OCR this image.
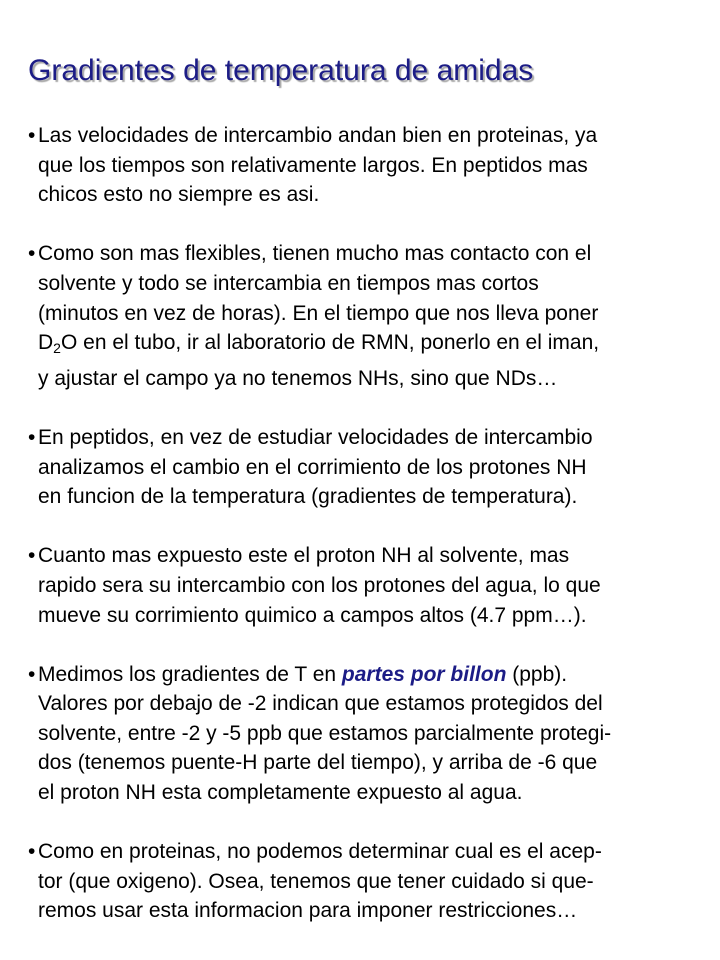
Gradientes de temperatura de amidas

• Las velocidades de intercambio andan bien en proteinas, ya
que los tiempos son relativamente largos. En peptidos mas
chicos esto no siempre es asi.

• Como son mas flexibles, tienen mucho mas contacto con el
solvente y todo se intercambia en tiempos mas cortos
(minutos en vez de horas). En el tiempo que nos lleva poner
$D_2O$ en el tubo, ir al laboratorio de RMN, ponerlo en el iman,
y ajustar el campo ya no tenemos NHs, sino que NDs…

• En peptidos, en vez de estudiar velocidades de intercambio
analizamos el cambio en el corrimiento de los protones NH
en funcion de la temperatura (gradientes de temperatura).

• Cuanto mas expuesto este el proton NH al solvente, mas
rapido sera su intercambio con los protones del agua, lo que
mueve su corrimiento quimico a campos altos (4.7 ppm…).

• Medimos los gradientes de T en partes por billon (ppb).
Valores por debajo de -2 indican que estamos protegidos del
solvente, entre -2 y -5 ppb que estamos parcialmente protegi-
dos (tenemos puente-H parte del tiempo), y arriba de -6 que
el proton NH esta completamente expuesto al agua.

• Como en proteinas, no podemos determinar cual es el acep-
tor (que oxigeno). Osea, tenemos que tener cuidado si que-
remos usar esta informacion para imponer restricciones…
